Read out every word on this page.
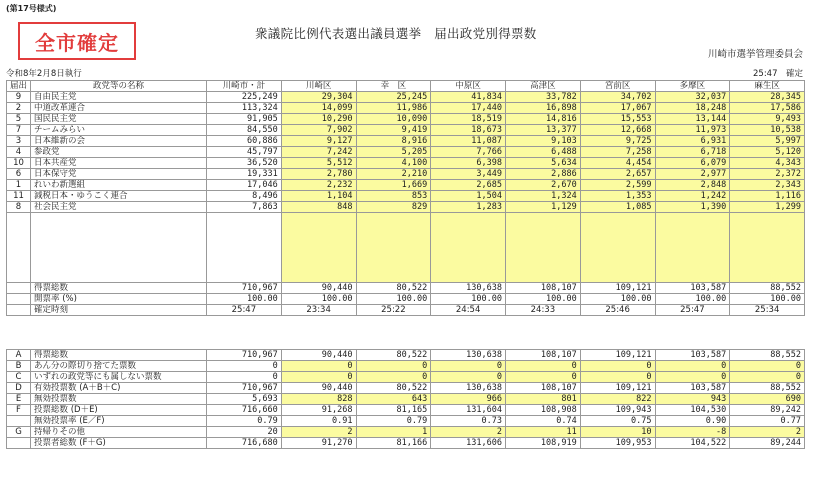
(第17号様式)
全市確定	衆議院比例代表選出議員選挙　届出政党別得票数
川崎市選挙管理委員会
令和8年2月8日執行	25:47　確定
届出	政党等の名称	川崎市・計	川崎区	幸　区	中原区	高津区	宮前区	多摩区	麻生区
9	自由民主党	225,249	29,304	25,245	41,834	33,782	34,702	32,037	28,345
2	中道改革連合	113,324	14,099	11,986	17,440	16,898	17,067	18,248	17,586
5	国民民主党	91,905	10,290	10,090	18,519	14,816	15,553	13,144	9,493
7	チームみらい	84,550	7,902	9,419	18,673	13,377	12,668	11,973	10,538
3	日本維新の会	60,886	9,127	8,916	11,087	9,103	9,725	6,931	5,997
4	参政党	45,797	7,242	5,205	7,766	6,488	7,258	6,718	5,120
10	日本共産党	36,520	5,512	4,100	6,398	5,634	4,454	6,079	4,343
6	日本保守党	19,331	2,780	2,210	3,449	2,886	2,657	2,977	2,372
1	れいわ新選組	17,046	2,232	1,669	2,685	2,670	2,599	2,848	2,343
11	減税日本・ゆうこく連合	8,496	1,104	853	1,504	1,324	1,353	1,242	1,116
8	社会民主党	7,863	848	829	1,283	1,129	1,085	1,390	1,299

	得票総数	710,967	90,440	80,522	130,638	108,107	109,121	103,587	88,552
	開票率 (%)	100.00	100.00	100.00	100.00	100.00	100.00	100.00	100.00
	確定時刻	25:47	23:34	25:22	24:54	24:33	25:46	25:47	25:34
A	得票総数	710,967	90,440	80,522	130,638	108,107	109,121	103,587	88,552
B	あん分の際切り捨てた票数	0	0	0	0	0	0	0	0
C	いずれの政党等にも属しない票数	0	0	0	0	0	0	0	0
D	有効投票数 (A＋B＋C)	710,967	90,440	80,522	130,638	108,107	109,121	103,587	88,552
E	無効投票数	5,693	828	643	966	801	822	943	690
F	投票総数 (D＋E)	716,660	91,268	81,165	131,604	108,908	109,943	104,530	89,242
	無効投票率 (E／F)	0.79	0.91	0.79	0.73	0.74	0.75	0.90	0.77
G	持帰りその他	20	2	1	2	11	10	-8	2
	投票者総数 (F＋G)	716,680	91,270	81,166	131,606	108,919	109,953	104,522	89,244
